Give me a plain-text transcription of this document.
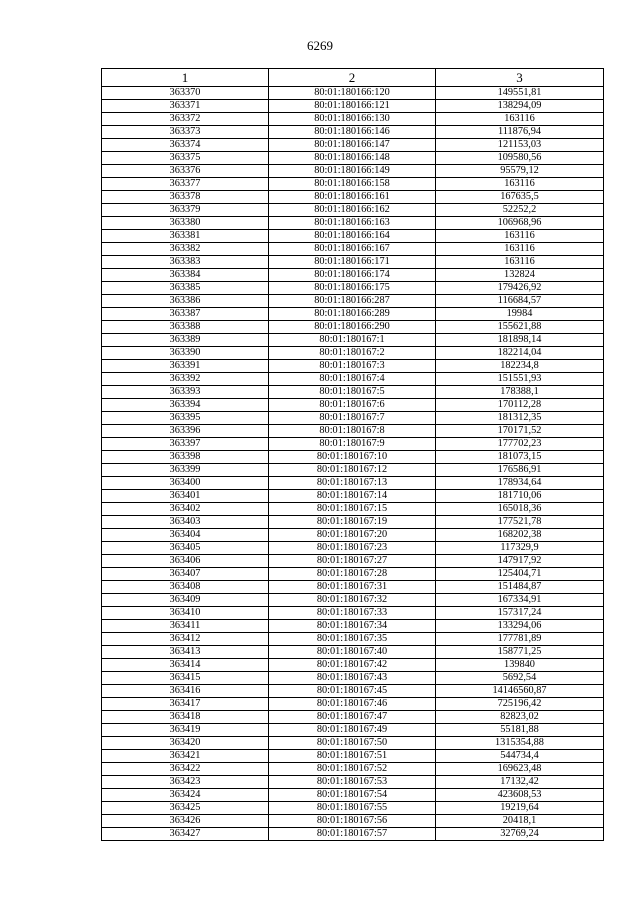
6269
1	2	3
363370	80:01:180166:120	149551,81
363371	80:01:180166:121	138294,09
363372	80:01:180166:130	163116
363373	80:01:180166:146	111876,94
363374	80:01:180166:147	121153,03
363375	80:01:180166:148	109580,56
363376	80:01:180166:149	95579,12
363377	80:01:180166:158	163116
363378	80:01:180166:161	167635,5
363379	80:01:180166:162	52252,2
363380	80:01:180166:163	106968,96
363381	80:01:180166:164	163116
363382	80:01:180166:167	163116
363383	80:01:180166:171	163116
363384	80:01:180166:174	132824
363385	80:01:180166:175	179426,92
363386	80:01:180166:287	116684,57
363387	80:01:180166:289	19984
363388	80:01:180166:290	155621,88
363389	80:01:180167:1	181898,14
363390	80:01:180167:2	182214,04
363391	80:01:180167:3	182234,8
363392	80:01:180167:4	151551,93
363393	80:01:180167:5	178388,1
363394	80:01:180167:6	170112,28
363395	80:01:180167:7	181312,35
363396	80:01:180167:8	170171,52
363397	80:01:180167:9	177702,23
363398	80:01:180167:10	181073,15
363399	80:01:180167:12	176586,91
363400	80:01:180167:13	178934,64
363401	80:01:180167:14	181710,06
363402	80:01:180167:15	165018,36
363403	80:01:180167:19	177521,78
363404	80:01:180167:20	168202,38
363405	80:01:180167:23	117329,9
363406	80:01:180167:27	147917,92
363407	80:01:180167:28	125404,71
363408	80:01:180167:31	151484,87
363409	80:01:180167:32	167334,91
363410	80:01:180167:33	157317,24
363411	80:01:180167:34	133294,06
363412	80:01:180167:35	177781,89
363413	80:01:180167:40	158771,25
363414	80:01:180167:42	139840
363415	80:01:180167:43	5692,54
363416	80:01:180167:45	14146560,87
363417	80:01:180167:46	725196,42
363418	80:01:180167:47	82823,02
363419	80:01:180167:49	55181,88
363420	80:01:180167:50	1315354,88
363421	80:01:180167:51	544734,4
363422	80:01:180167:52	169623,48
363423	80:01:180167:53	17132,42
363424	80:01:180167:54	423608,53
363425	80:01:180167:55	19219,64
363426	80:01:180167:56	20418,1
363427	80:01:180167:57	32769,24
